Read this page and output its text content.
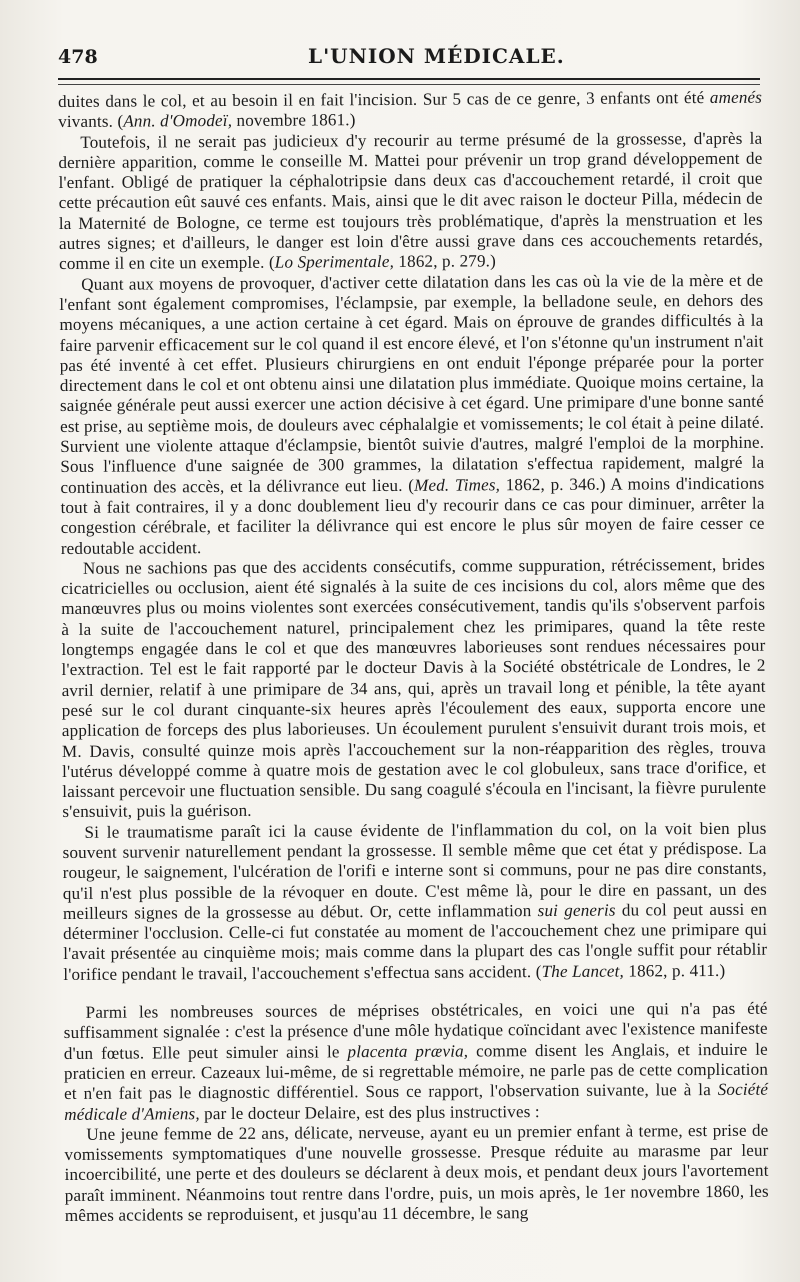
478	L'UNION MÉDICALE.

duites dans le col, et au besoin il en fait l'incision. Sur 5 cas de ce genre, 3 enfants ont été amenés vivants. (Ann. d'Omodeï, novembre 1861.)

Toutefois, il ne serait pas judicieux d'y recourir au terme présumé de la grossesse, d'après la dernière apparition, comme le conseille M. Mattei pour prévenir un trop grand développement de l'enfant. Obligé de pratiquer la céphalotripsie dans deux cas d'accouchement retardé, il croit que cette précaution eût sauvé ces enfants. Mais, ainsi que le dit avec raison le docteur Pilla, médecin de la Maternité de Bologne, ce terme est toujours très problématique, d'après la menstruation et les autres signes; et d'ailleurs, le danger est loin d'être aussi grave dans ces accouchements retardés, comme il en cite un exemple. (Lo Sperimentale, 1862, p. 279.)

Quant aux moyens de provoquer, d'activer cette dilatation dans les cas où la vie de la mère et de l'enfant sont également compromises, l'éclampsie, par exemple, la belladone seule, en dehors des moyens mécaniques, a une action certaine à cet égard. Mais on éprouve de grandes difficultés à la faire parvenir efficacement sur le col quand il est encore élevé, et l'on s'étonne qu'un instrument n'ait pas été inventé à cet effet. Plusieurs chirurgiens en ont enduit l'éponge préparée pour la porter directement dans le col et ont obtenu ainsi une dilatation plus immédiate. Quoique moins certaine, la saignée générale peut aussi exercer une action décisive à cet égard. Une primipare d'une bonne santé est prise, au septième mois, de douleurs avec céphalalgie et vomissements; le col était à peine dilaté. Survient une violente attaque d'éclampsie, bientôt suivie d'autres, malgré l'emploi de la morphine. Sous l'influence d'une saignée de 300 grammes, la dilatation s'effectua rapidement, malgré la continuation des accès, et la délivrance eut lieu. (Med. Times, 1862, p. 346.) A moins d'indications tout à fait contraires, il y a donc doublement lieu d'y recourir dans ce cas pour diminuer, arrêter la congestion cérébrale, et faciliter la délivrance qui est encore le plus sûr moyen de faire cesser ce redoutable accident.

Nous ne sachions pas que des accidents consécutifs, comme suppuration, rétrécissement, brides cicatricielles ou occlusion, aient été signalés à la suite de ces incisions du col, alors même que des manœuvres plus ou moins violentes sont exercées consécutivement, tandis qu'ils s'observent parfois à la suite de l'accouchement naturel, principalement chez les primipares, quand la tête reste longtemps engagée dans le col et que des manœuvres laborieuses sont rendues nécessaires pour l'extraction. Tel est le fait rapporté par le docteur Davis à la Société obstétricale de Londres, le 2 avril dernier, relatif à une primipare de 34 ans, qui, après un travail long et pénible, la tête ayant pesé sur le col durant cinquante-six heures après l'écoulement des eaux, supporta encore une application de forceps des plus laborieuses. Un écoulement purulent s'ensuivit durant trois mois, et M. Davis, consulté quinze mois après l'accouchement sur la non-réapparition des règles, trouva l'utérus développé comme à quatre mois de gestation avec le col globuleux, sans trace d'orifice, et laissant percevoir une fluctuation sensible. Du sang coagulé s'écoula en l'incisant, la fièvre purulente s'ensuivit, puis la guérison.

Si le traumatisme paraît ici la cause évidente de l'inflammation du col, on la voit bien plus souvent survenir naturellement pendant la grossesse. Il semble même que cet état y prédispose. La rougeur, le saignement, l'ulcération de l'orifi e interne sont si communs, pour ne pas dire constants, qu'il n'est plus possible de la révoquer en doute. C'est même là, pour le dire en passant, un des meilleurs signes de la grossesse au début. Or, cette inflammation sui generis du col peut aussi en déterminer l'occlusion. Celle-ci fut constatée au moment de l'accouchement chez une primipare qui l'avait présentée au cinquième mois; mais comme dans la plupart des cas l'ongle suffit pour rétablir l'orifice pendant le travail, l'accouchement s'effectua sans accident. (The Lancet, 1862, p. 411.)

Parmi les nombreuses sources de méprises obstétricales, en voici une qui n'a pas été suffisamment signalée : c'est la présence d'une môle hydatique coïncidant avec l'existence manifeste d'un fœtus. Elle peut simuler ainsi le placenta prævia, comme disent les Anglais, et induire le praticien en erreur. Cazeaux lui-même, de si regrettable mémoire, ne parle pas de cette complication et n'en fait pas le diagnostic différentiel. Sous ce rapport, l'observation suivante, lue à la Société médicale d'Amiens, par le docteur Delaire, est des plus instructives :

Une jeune femme de 22 ans, délicate, nerveuse, ayant eu un premier enfant à terme, est prise de vomissements symptomatiques d'une nouvelle grossesse. Presque réduite au marasme par leur incoercibilité, une perte et des douleurs se déclarent à deux mois, et pendant deux jours l'avortement paraît imminent. Néanmoins tout rentre dans l'ordre, puis, un mois après, le 1er novembre 1860, les mêmes accidents se reproduisent, et jusqu'au 11 décembre, le sang
